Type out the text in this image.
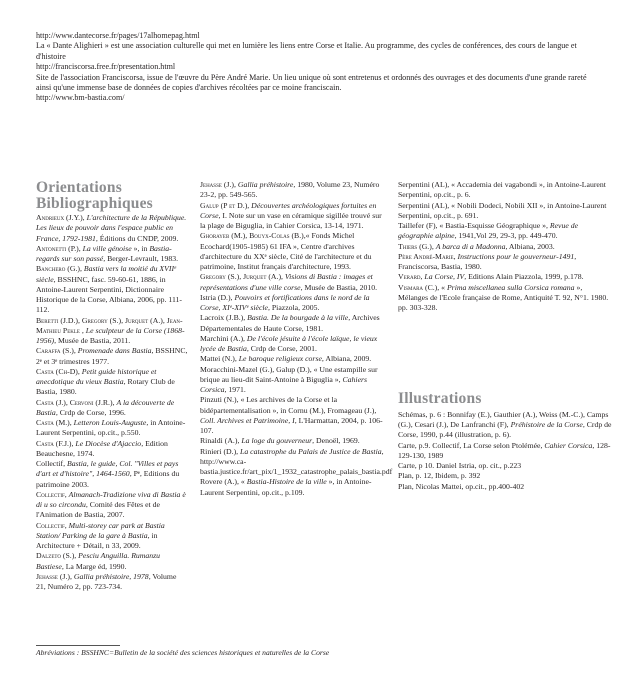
http://www.dantecorse.fr/pages/17alhomepag.html

La « Dante Alighieri » est une association culturelle qui met en lumière les liens entre Corse et Italie. Au programme, des cycles de conférences, des cours de langue et d'histoire

http://franciscorsa.free.fr/presentation.html

Site de l'association Franciscorsa, issue de l'œuvre du Père André Marie. Un lieu unique où sont entretenus et ordonnés des ouvrages et des documents d'une grande rareté ainsi qu'une immense base de données de copies d'archives récoltées par ce moine franciscain.

http://www.bm-bastia.com/

Orientations Bibliographiques

Andrieux (J.Y.), L'architecture de la République. Les lieux de pouvoir dans l'espace public en France, 1792-1981, Éditions du CNDP, 2009.

Antonetti (P.), La ville génoise », in Bastia-regards sur son passé, Berger-Levrault, 1983.

Banchero (G.), Bastia vers la moitié du XVIIᵉ siècle, BSSHNC, fasc. 59-60-61, 1886, in Antoine-Laurent Serpentini, Dictionnaire Historique de la Corse, Albiana, 2006, pp. 111-112.

Beretti (J.D.), Gregory (S.), Jurquet (A.), Jean-Mathieu Pekle , Le sculpteur de la Corse (1868-1956), Musée de Bastia, 2011.

Caraffa (S.), Promenade dans Bastia, BSSHNC, 2ᵉ et 3ᵉ trimestres 1977.

Casta (Ch-D), Petit guide historique et anecdotique du vieux Bastia, Rotary Club de Bastia, 1980.

Casta (J.), Cervoni (J.R.), A la découverte de Bastia, Crdp de Corse, 1996.

Casta (M.), Letteron Louis-Auguste, in Antoine-Laurent Serpentini, op.cit., p.550.

Casta (F.J.), Le Diocèse d'Ajaccio, Edition Beauchesne, 1974.

Collectif, Bastia, le guide, Col. "Villes et pays d'art et d'histoire", 1464-1560, Pᵉ, Editions du patrimoine 2003.

Collectif, Almanach-Tradizione viva di Bastia è di u so circondu, Comité des Fêtes et de l'Animation de Bastia, 2007.

Collectif, Multi-storey car park at Bastia Station/ Parking de la gare à Bastia, in Architecture + Détail, n 33, 2009.

Dalzeto (S.), Pesciu Anguilla. Rumanzu Bastiese, La Marge éd, 1990.

Jehasse (J.), Gallia préhistoire, 1978, Volume 21, Numéro 2, pp. 723-734.

Jehasse (J.), Gallia préhistoire, 1980, Volume 23, Numéro 23-2, pp. 549-565.

Galup (P et D.), Découvertes archéologiques fortuites en Corse, I. Note sur un vase en céramique sigillée trouvé sur la plage de Biguglia, in Cahier Corsica, 13-14, 1971.

Ghorayeb (M.), Bouyx-Colas (B.),« Fonds Michel Ecochard(1905-1985) 61 IFA », Centre d'archives d'architecture du XXᵉ siècle, Cité de l'architecture et du patrimoine, Institut français d'architecture, 1993.

Gregory (S.), Jurquet (A.), Visions di Bastia : images et représentations d'une ville corse, Musée de Bastia, 2010.

Istria (D.), Pouvoirs et fortifications dans le nord de la Corse, XIᵉ-XIVᵉ siècle, Piazzola, 2005.

Lacroix (J.B.), Bastia. De la bourgade à la ville, Archives Départementales de Haute Corse, 1981.

Marchini (A.), De l'école jésuite à l'école laïque, le vieux lycée de Bastia, Crdp de Corse, 2001.

Mattei (N.), Le baroque religieux corse, Albiana, 2009.

Moracchini-Mazel (G.), Galup (D.), « Une estampille sur brique au lieu-dit Saint-Antoine à Biguglia », Cahiers Corsica, 1971.

Pinzuti (N.), « Les archives de la Corse et la bidépartementalisation », in Cornu (M.), Fromageau (J.), Coll. Archives et Patrimoine, I, L'Harmattan, 2004, p. 106-107.

Rinaldi (A.), La loge du gouverneur, Denoël, 1969.

Rinieri (D.), La catastrophe du Palais de Justice de Bastia, http://www.ca-bastia.justice.fr/art_pix/1_1932_catastrophe_palais_bastia.pdf

Rovere (A.), « Bastia-Histoire de la ville », in Antoine-Laurent Serpentini, op.cit., p.109.

Serpentini (AL), « Accademia dei vagabondi », in Antoine-Laurent Serpentini, op.cit., p. 6.

Serpentini (AL), « Nobili Dodeci, Nobili XII », in Antoine-Laurent Serpentini, op.cit., p. 691.

Taillefer (F), « Bastia-Esquisse Géographique », Revue de géographie alpine, 1941,Vol 29, 29-3, pp. 449-470.

Thiers (G.), A barca di a Madonna, Albiana, 2003.

Père André-Marie, Instructions pour le gouverneur-1491, Franciscorsa, Bastia, 1980.

Verard, La Corse, IV, Editions Alain Piazzola, 1999, p.178.

Vismara (C.), « Prima miscellanea sulla Corsica romana », Mélanges de l'Ecole française de Rome, Antiquité T. 92, N°1. 1980. pp. 303-328.

Illustrations

Schémas, p. 6 : Bonnifay (E.), Gauthier (A.), Weiss (M.-C.), Camps (G.), Cesari (J.), De Lanfranchi (F), Préhistoire de la Corse, Crdp de Corse, 1990, p.44 (illustration, p. 6).

Carte, p.9. Collectif, La Corse selon Ptolémée, Cahier Corsica, 128-129-130, 1989

Carte, p 10. Daniel Istria, op. cit., p.223

Plan, p. 12, Ibidem, p. 392

Plan, Nicolas Mattei, op.cit., pp.400-402

Abréviations : BSSHNC=Bulletin de la société des sciences historiques et naturelles de la Corse
